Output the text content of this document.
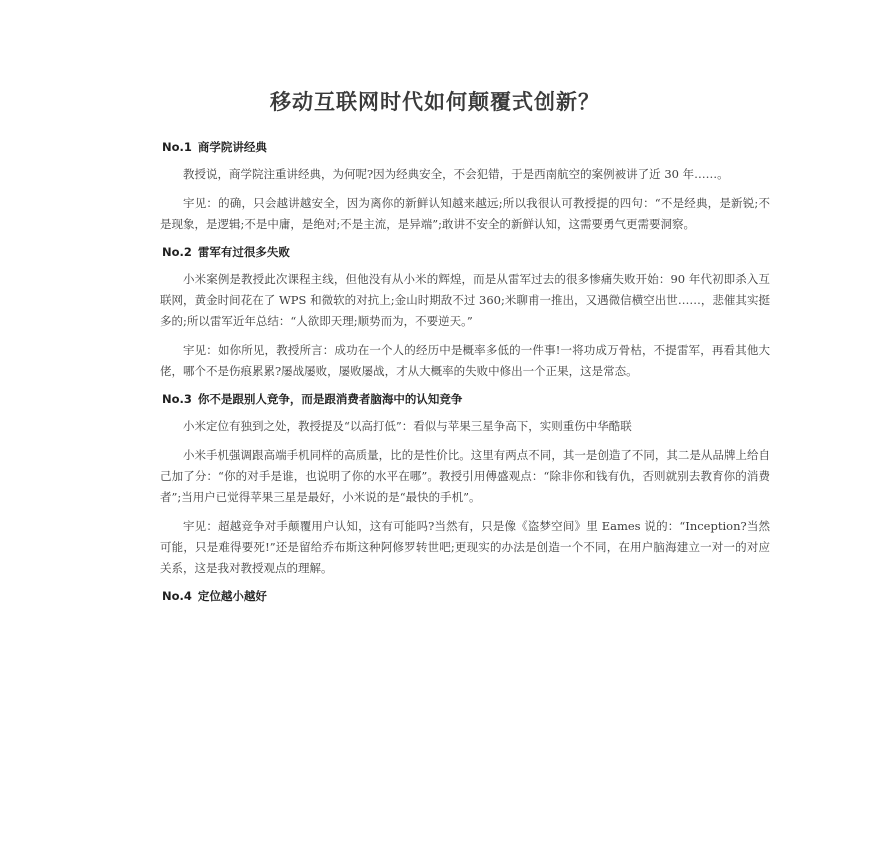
移动互联网时代如何颠覆式创新？
No.1 商学院讲经典

教授说，商学院注重讲经典，为何呢?因为经典安全，不会犯错，于是西南航空的案例被讲了近 30 年……。

宇见：的确，只会越讲越安全，因为离你的新鲜认知越来越远;所以我很认可教授提的四句：“不是经典，是新锐;不是现象，是逻辑;不是中庸，是绝对;不是主流，是异端”;敢讲不安全的新鲜认知，这需要勇气更需要洞察。

No.2 雷军有过很多失败

小米案例是教授此次课程主线，但他没有从小米的辉煌，而是从雷军过去的很多惨痛失败开始：90 年代初即杀入互联网，黄金时间花在了 WPS 和微软的对抗上;金山时期敌不过 360;米聊甫一推出，又遇微信横空出世……，悲催其实挺多的;所以雷军近年总结：“人欲即天理;顺势而为，不要逆天。”

宇见：如你所见，教授所言：成功在一个人的经历中是概率多低的一件事!一将功成万骨枯，不提雷军，再看其他大佬，哪个不是伤痕累累?屡战屡败，屡败屡战，才从大概率的失败中修出一个正果，这是常态。

No.3 你不是跟别人竞争，而是跟消费者脑海中的认知竞争

小米定位有独到之处，教授提及“以高打低”：看似与苹果三星争高下，实则重伤中华酷联

小米手机强调跟高端手机同样的高质量，比的是性价比。这里有两点不同，其一是创造了不同，其二是从品牌上给自己加了分：“你的对手是谁，也说明了你的水平在哪”。教授引用傅盛观点：“除非你和钱有仇，否则就别去教育你的消费者”;当用户已觉得苹果三星是最好，小米说的是“最快的手机”。

宇见：超越竞争对手颠覆用户认知，这有可能吗?当然有，只是像《盗梦空间》里 Eames 说的：“Inception?当然可能，只是难得要死!”还是留给乔布斯这种阿修罗转世吧;更现实的办法是创造一个不同，在用户脑海建立一对一的对应关系，这是我对教授观点的理解。

No.4 定位越小越好
